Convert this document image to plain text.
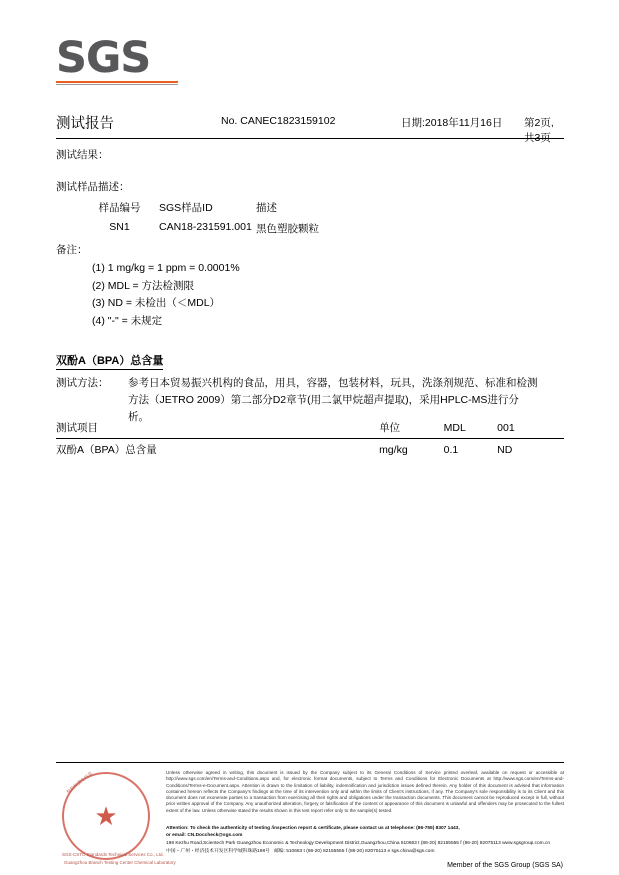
SGS
测试报告	No. CANEC1823159102	日期:2018年11月16日 第2页,共3页
测试结果：
测试样品描述：
样品编号	SGS样品ID	描述
SN1	CAN18-231591.001	黑色塑胶颗粒
备注：
(1) 1 mg/kg = 1 ppm = 0.0001%
(2) MDL = 方法检测限
(3) ND = 未检出（＜MDL）
(4) "-" = 未规定
双酚A（BPA）总含量
测试方法： 参考日本贸易振兴机构的食品，用具，容器，包装材料，玩具，洗涤剂规范、标准和检测方法（JETRO 2009）第二部分D2章节(用二氯甲烷超声提取)，采用HPLC-MS进行分析。
测试项目	单位	MDL	001
双酚A（BPA）总含量	mg/kg	0.1	ND
★
检验检测专用章
SGS-CSTC Standards Technical Services Co., Ltd.
Guangzhou Branch Testing Center Chemical Laboratory
Unless otherwise agreed in writing, this document is issued by the Company subject to its General Conditions of Service printed overleaf, available on request or accessible at http://www.sgs.com/en/Terms-and-Conditions.aspx and, for electronic format documents, subject to Terms and Conditions for Electronic Documents at http://www.sgs.com/en/Terms-and-Conditions/Terms-e-Document.aspx. Attention is drawn to the limitation of liability, indemnification and jurisdiction issues defined therein. Any holder of this document is advised that information contained hereon reflects the Company's findings at the time of its intervention only and within the limits of Client's instructions, if any. The Company's sole responsibility is to its Client and this document does not exonerate parties to a transaction from exercising all their rights and obligations under the transaction documents. This document cannot be reproduced except in full, without prior written approval of the Company. Any unauthorized alteration, forgery or falsification of the content or appearance of this document is unlawful and offenders may be prosecuted to the fullest extent of the law. Unless otherwise stated the results shown in this test report refer only to the sample(s) tested.
Attention: To check the authenticity of testing /inspection report & certificate, please contact us at telephone: (86-755) 8307 1443,
or email: CN.Doccheck@sgs.com
198 Kezhu Road,Scientech Park Guangzhou Economic & Technology Development District,Guangzhou,China 510663 t (86-20) 82155555 f (86-20) 82075113 www.sgsgroup.com.cn
中国・广州・经济技术开发区科学城科珠路198号 邮编: 510663 t (86-20) 82155555 f (86-20) 82075113 e sgs.china@sgs.com
Member of the SGS Group (SGS SA)
